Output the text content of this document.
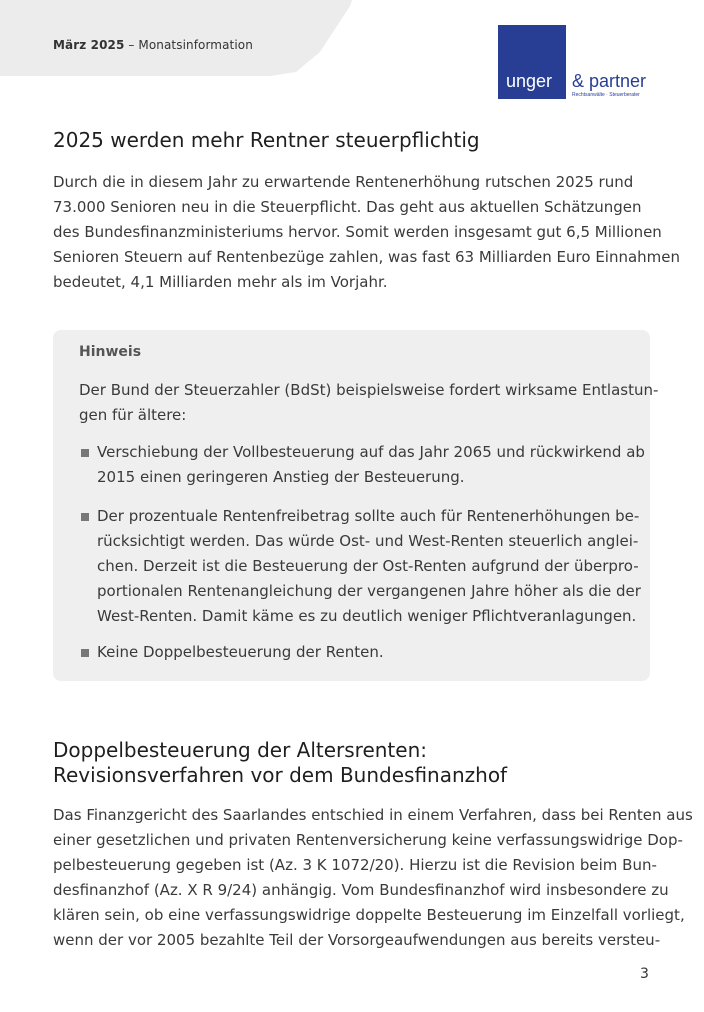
März 2025 – Monatsinformation
unger & partner
Rechtsanwälte · Steuerberater
2025 werden mehr Rentner steuerpflichtig

Durch die in diesem Jahr zu erwartende Rentenerhöhung rutschen 2025 rund
73.000 Senioren neu in die Steuerpflicht. Das geht aus aktuellen Schätzungen
des Bundesfinanzministeriums hervor. Somit werden insgesamt gut 6,5 Millionen
Senioren Steuern auf Rentenbezüge zahlen, was fast 63 Milliarden Euro Einnahmen
bedeutet, 4,1 Milliarden mehr als im Vorjahr.

Hinweis
Der Bund der Steuerzahler (BdSt) beispielsweise fordert wirksame Entlastun-
gen für ältere:
Verschiebung der Vollbesteuerung auf das Jahr 2065 und rückwirkend ab
2015 einen geringeren Anstieg der Besteuerung.
Der prozentuale Rentenfreibetrag sollte auch für Rentenerhöhungen be-
rücksichtigt werden. Das würde Ost- und West-Renten steuerlich anglei-
chen. Derzeit ist die Besteuerung der Ost-Renten aufgrund der überpro-
portionalen Rentenangleichung der vergangenen Jahre höher als die der
West-Renten. Damit käme es zu deutlich weniger Pflichtveranlagungen.
Keine Doppelbesteuerung der Renten.
Doppelbesteuerung der Altersrenten:
Revisionsverfahren vor dem Bundesfinanzhof

Das Finanzgericht des Saarlandes entschied in einem Verfahren, dass bei Renten aus
einer gesetzlichen und privaten Rentenversicherung keine verfassungswidrige Dop-
pelbesteuerung gegeben ist (Az. 3 K 1072/20). Hierzu ist die Revision beim Bun-
desfinanzhof (Az. X R 9/24) anhängig. Vom Bundesfinanzhof wird insbesondere zu
klären sein, ob eine verfassungswidrige doppelte Besteuerung im Einzelfall vorliegt,
wenn der vor 2005 bezahlte Teil der Vorsorgeaufwendungen aus bereits versteu-

3
